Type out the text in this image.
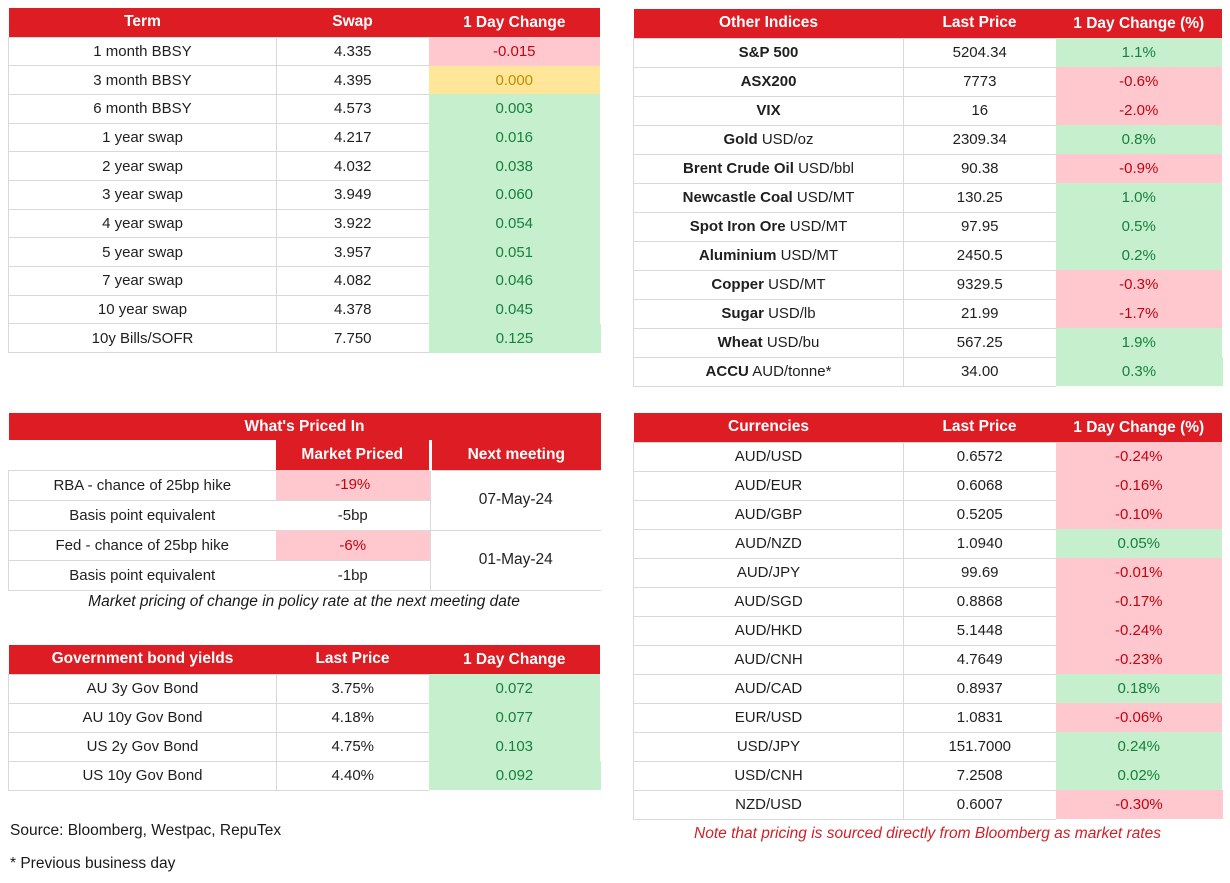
Term	Swap	1 Day Change
1 month BBSY	4.335	-0.015
3 month BBSY	4.395	0.000
6 month BBSY	4.573	0.003
1 year swap	4.217	0.016
2 year swap	4.032	0.038
3 year swap	3.949	0.060
4 year swap	3.922	0.054
5 year swap	3.957	0.051
7 year swap	4.082	0.046
10 year swap	4.378	0.045
10y Bills/SOFR	7.750	0.125
Other Indices	Last Price	1 Day Change (%)
S&P 500	5204.34	1.1%
ASX200	7773	-0.6%
VIX	16	-2.0%
Gold USD/oz	2309.34	0.8%
Brent Crude Oil USD/bbl	90.38	-0.9%
Newcastle Coal USD/MT	130.25	1.0%
Spot Iron Ore USD/MT	97.95	0.5%
Aluminium USD/MT	2450.5	0.2%
Copper USD/MT	9329.5	-0.3%
Sugar USD/lb	21.99	-1.7%
Wheat USD/bu	567.25	1.9%
ACCU AUD/tonne*	34.00	0.3%
What's Priced In		
	Market Priced	Next meeting
RBA - chance of 25bp hike	-19%	07-May-24
Basis point equivalent	-5bp	
Fed - chance of 25bp hike	-6%	01-May-24
Basis point equivalent	-1bp	
Market pricing of change in policy rate at the next meeting date
Government bond yields	Last Price	1 Day Change
AU 3y Gov Bond	3.75%	0.072
AU 10y Gov Bond	4.18%	0.077
US 2y Gov Bond	4.75%	0.103
US 10y Gov Bond	4.40%	0.092
Currencies	Last Price	1 Day Change (%)
AUD/USD	0.6572	-0.24%
AUD/EUR	0.6068	-0.16%
AUD/GBP	0.5205	-0.10%
AUD/NZD	1.0940	0.05%
AUD/JPY	99.69	-0.01%
AUD/SGD	0.8868	-0.17%
AUD/HKD	5.1448	-0.24%
AUD/CNH	4.7649	-0.23%
AUD/CAD	0.8937	0.18%
EUR/USD	1.0831	-0.06%
USD/JPY	151.7000	0.24%
USD/CNH	7.2508	0.02%
NZD/USD	0.6007	-0.30%
Note that pricing is sourced directly from Bloomberg as market rates
Source: Bloomberg, Westpac, RepuTex
* Previous business day
